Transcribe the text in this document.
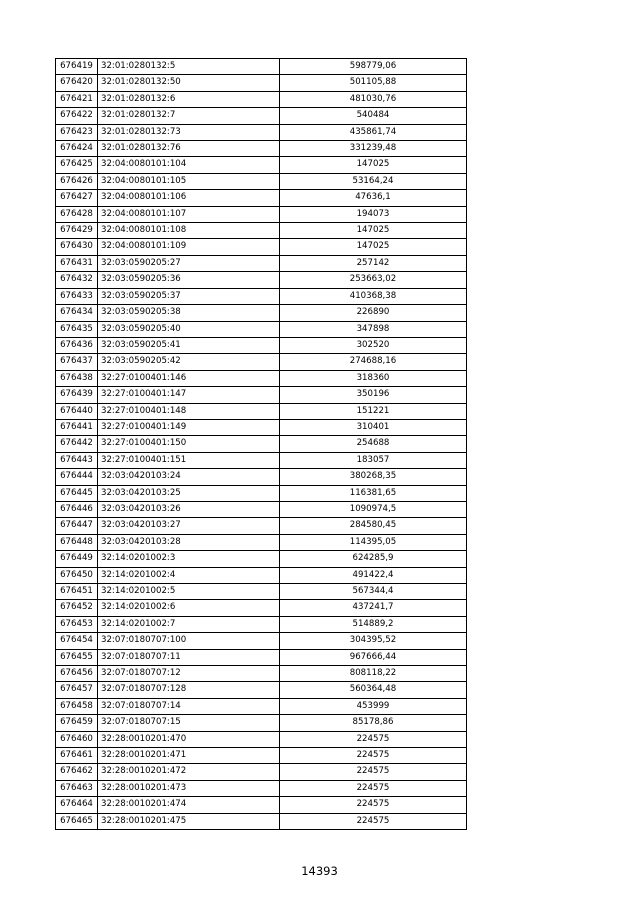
676419	32:01:0280132:5	598779,06
676420	32:01:0280132:50	501105,88
676421	32:01:0280132:6	481030,76
676422	32:01:0280132:7	540484
676423	32:01:0280132:73	435861,74
676424	32:01:0280132:76	331239,48
676425	32:04:0080101:104	147025
676426	32:04:0080101:105	53164,24
676427	32:04:0080101:106	47636,1
676428	32:04:0080101:107	194073
676429	32:04:0080101:108	147025
676430	32:04:0080101:109	147025
676431	32:03:0590205:27	257142
676432	32:03:0590205:36	253663,02
676433	32:03:0590205:37	410368,38
676434	32:03:0590205:38	226890
676435	32:03:0590205:40	347898
676436	32:03:0590205:41	302520
676437	32:03:0590205:42	274688,16
676438	32:27:0100401:146	318360
676439	32:27:0100401:147	350196
676440	32:27:0100401:148	151221
676441	32:27:0100401:149	310401
676442	32:27:0100401:150	254688
676443	32:27:0100401:151	183057
676444	32:03:0420103:24	380268,35
676445	32:03:0420103:25	116381,65
676446	32:03:0420103:26	1090974,5
676447	32:03:0420103:27	284580,45
676448	32:03:0420103:28	114395,05
676449	32:14:0201002:3	624285,9
676450	32:14:0201002:4	491422,4
676451	32:14:0201002:5	567344,4
676452	32:14:0201002:6	437241,7
676453	32:14:0201002:7	514889,2
676454	32:07:0180707:100	304395,52
676455	32:07:0180707:11	967666,44
676456	32:07:0180707:12	808118,22
676457	32:07:0180707:128	560364,48
676458	32:07:0180707:14	453999
676459	32:07:0180707:15	85178,86
676460	32:28:0010201:470	224575
676461	32:28:0010201:471	224575
676462	32:28:0010201:472	224575
676463	32:28:0010201:473	224575
676464	32:28:0010201:474	224575
676465	32:28:0010201:475	224575
14393
